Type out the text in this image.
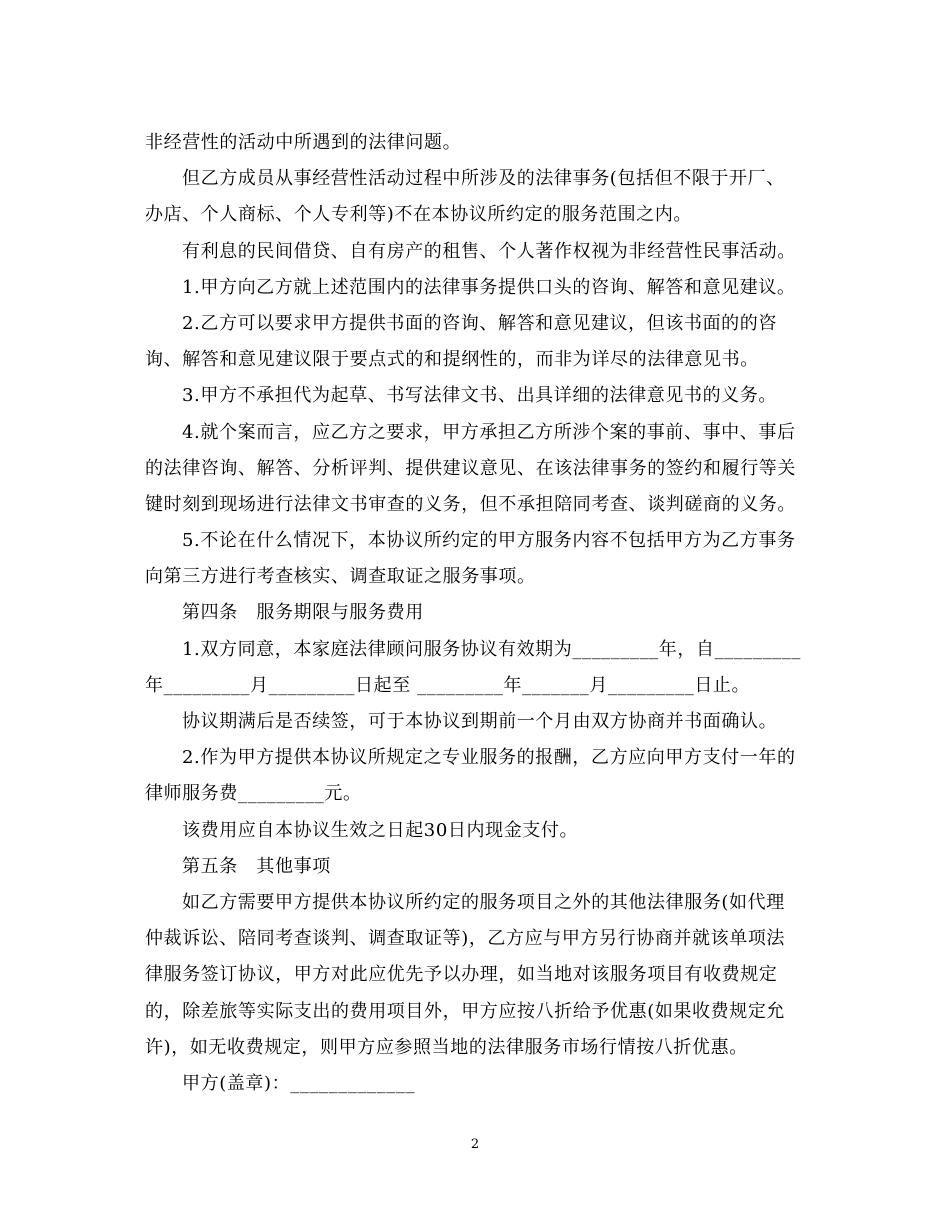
非经营性的活动中所遇到的法律问题。
但乙方成员从事经营性活动过程中所涉及的法律事务(包括但不限于开厂、
办店、个人商标、个人专利等)不在本协议所约定的服务范围之内。
有利息的民间借贷、自有房产的租售、个人著作权视为非经营性民事活动。
1.甲方向乙方就上述范围内的法律事务提供口头的咨询、解答和意见建议。
2.乙方可以要求甲方提供书面的咨询、解答和意见建议，但该书面的的咨
询、解答和意见建议限于要点式的和提纲性的，而非为详尽的法律意见书。
3.甲方不承担代为起草、书写法律文书、出具详细的法律意见书的义务。
4.就个案而言，应乙方之要求，甲方承担乙方所涉个案的事前、事中、事后
的法律咨询、解答、分析评判、提供建议意见、在该法律事务的签约和履行等关
键时刻到现场进行法律文书审查的义务，但不承担陪同考查、谈判磋商的义务。
5.不论在什么情况下，本协议所约定的甲方服务内容不包括甲方为乙方事务
向第三方进行考查核实、调查取证之服务事项。
第四条　服务期限与服务费用
1.双方同意，本家庭法律顾问服务协议有效期为_________年，自_________
年_________月_________日起至 _________年_______月_________日止。
协议期满后是否续签，可于本协议到期前一个月由双方协商并书面确认。
2.作为甲方提供本协议所规定之专业服务的报酬，乙方应向甲方支付一年的
律师服务费_________元。
该费用应自本协议生效之日起30日内现金支付。
第五条　其他事项
如乙方需要甲方提供本协议所约定的服务项目之外的其他法律服务(如代理
仲裁诉讼、陪同考查谈判、调查取证等)，乙方应与甲方另行协商并就该单项法
律服务签订协议，甲方对此应优先予以办理，如当地对该服务项目有收费规定
的，除差旅等实际支出的费用项目外，甲方应按八折给予优惠(如果收费规定允
许)，如无收费规定，则甲方应参照当地的法律服务市场行情按八折优惠。
甲方(盖章)：_____________
2
